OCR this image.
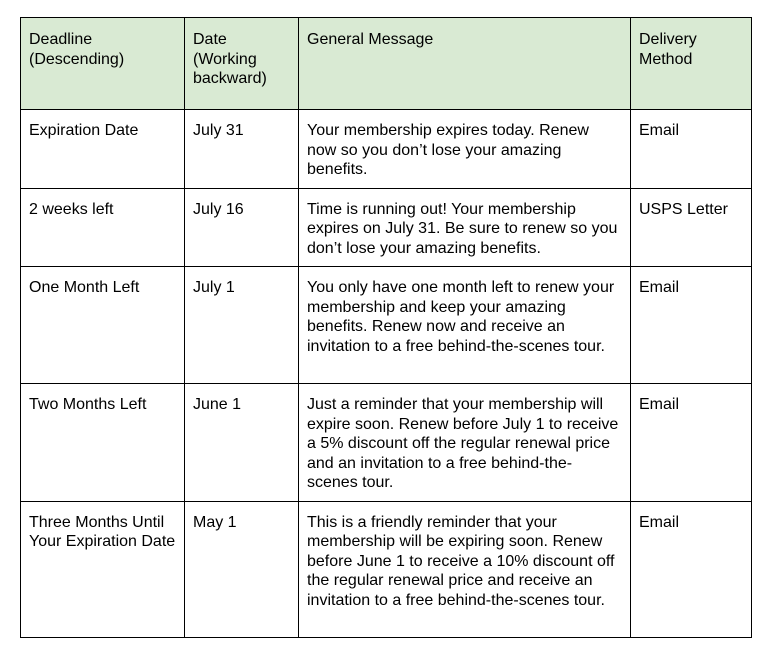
Deadline (Descending)	Date (Working backward)	General Message	Delivery Method
Expiration Date	July 31	Your membership expires today. Renew now so you don’t lose your amazing benefits.	Email
2 weeks left	July 16	Time is running out! Your membership expires on July 31. Be sure to renew so you don’t lose your amazing benefits.	USPS Letter
One Month Left	July 1	You only have one month left to renew your membership and keep your amazing benefits. Renew now and receive an invitation to a free behind-the-scenes tour.	Email
Two Months Left	June 1	Just a reminder that your membership will expire soon. Renew before July 1 to receive a 5% discount off the regular renewal price and an invitation to a free behind-the-scenes tour.	Email
Three Months Until Your Expiration Date	May 1	This is a friendly reminder that your membership will be expiring soon. Renew before June 1 to receive a 10% discount off the regular renewal price and receive an invitation to a free behind-the-scenes tour.	Email
